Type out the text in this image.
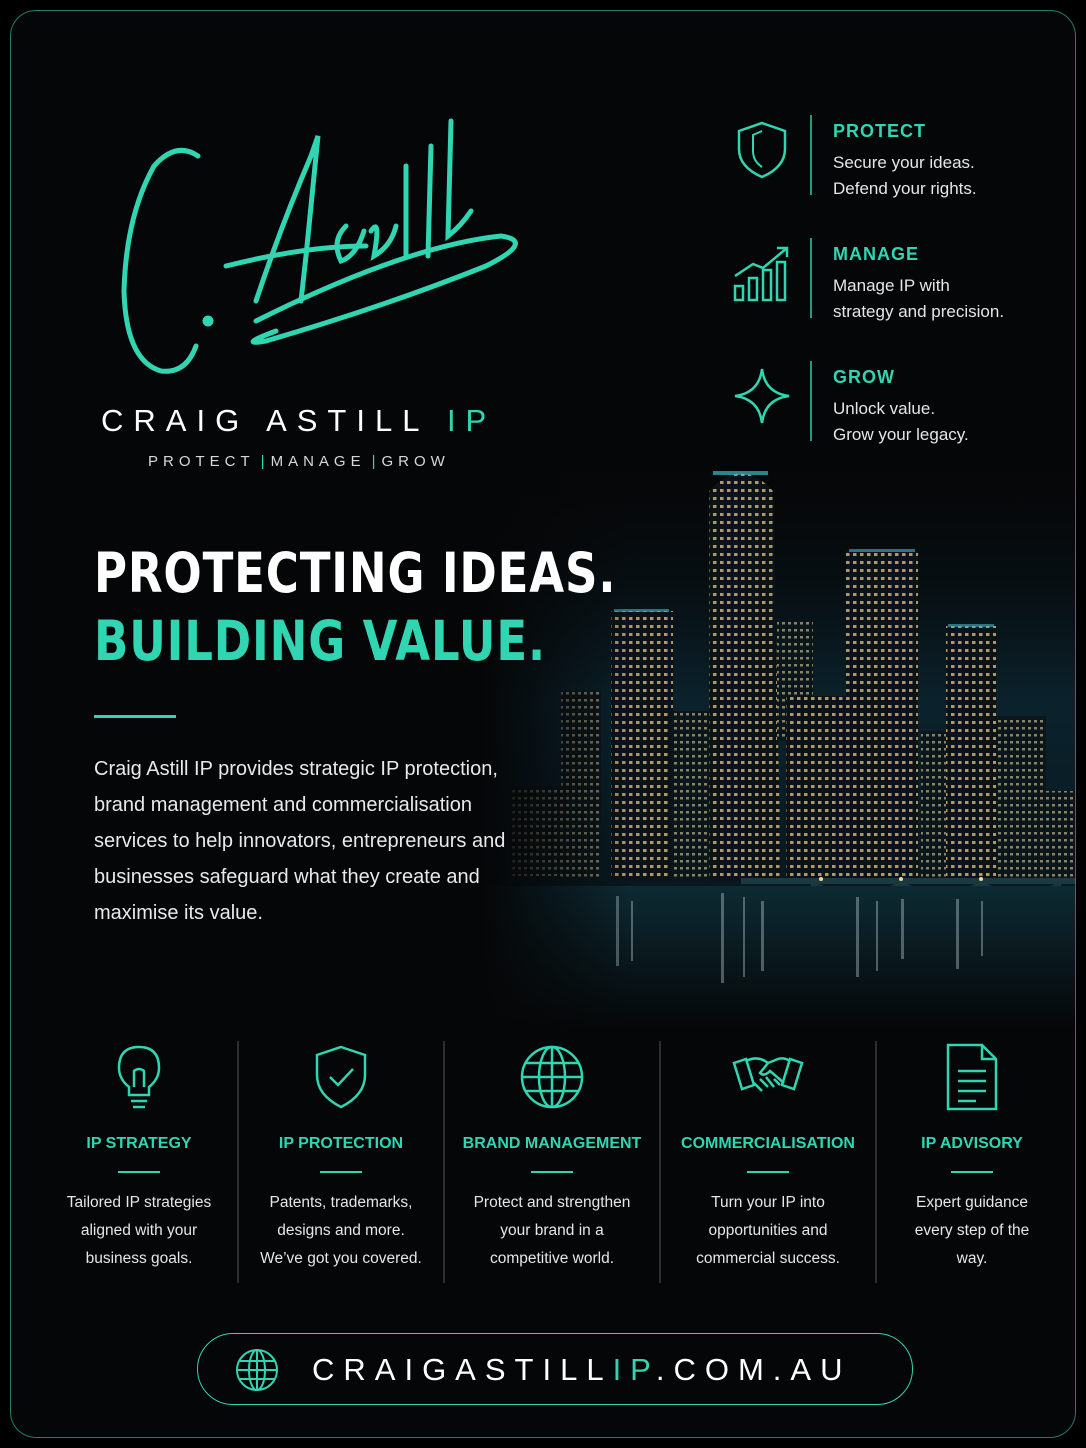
CRAIG ASTILL IP
PROTECT | MANAGE | GROW
PROTECT
Secure your ideas.
Defend your rights.
MANAGE
Manage IP with
strategy and precision.
GROW
Unlock value.
Grow your legacy.
PROTECTING IDEAS.
BUILDING VALUE.
Craig Astill IP provides strategic IP protection, brand management and commercialisation services to help innovators, entrepreneurs and businesses safeguard what they create and maximise its value.
IP STRATEGY
Tailored IP strategies
aligned with your
business goals.
IP PROTECTION
Patents, trademarks,
designs and more.
We’ve got you covered.
BRAND MANAGEMENT
Protect and strengthen
your brand in a
competitive world.
COMMERCIALISATION
Turn your IP into
opportunities and
commercial success.
IP ADVISORY
Expert guidance
every step of the
way.
CRAIGASTILLIP.COM.AU
